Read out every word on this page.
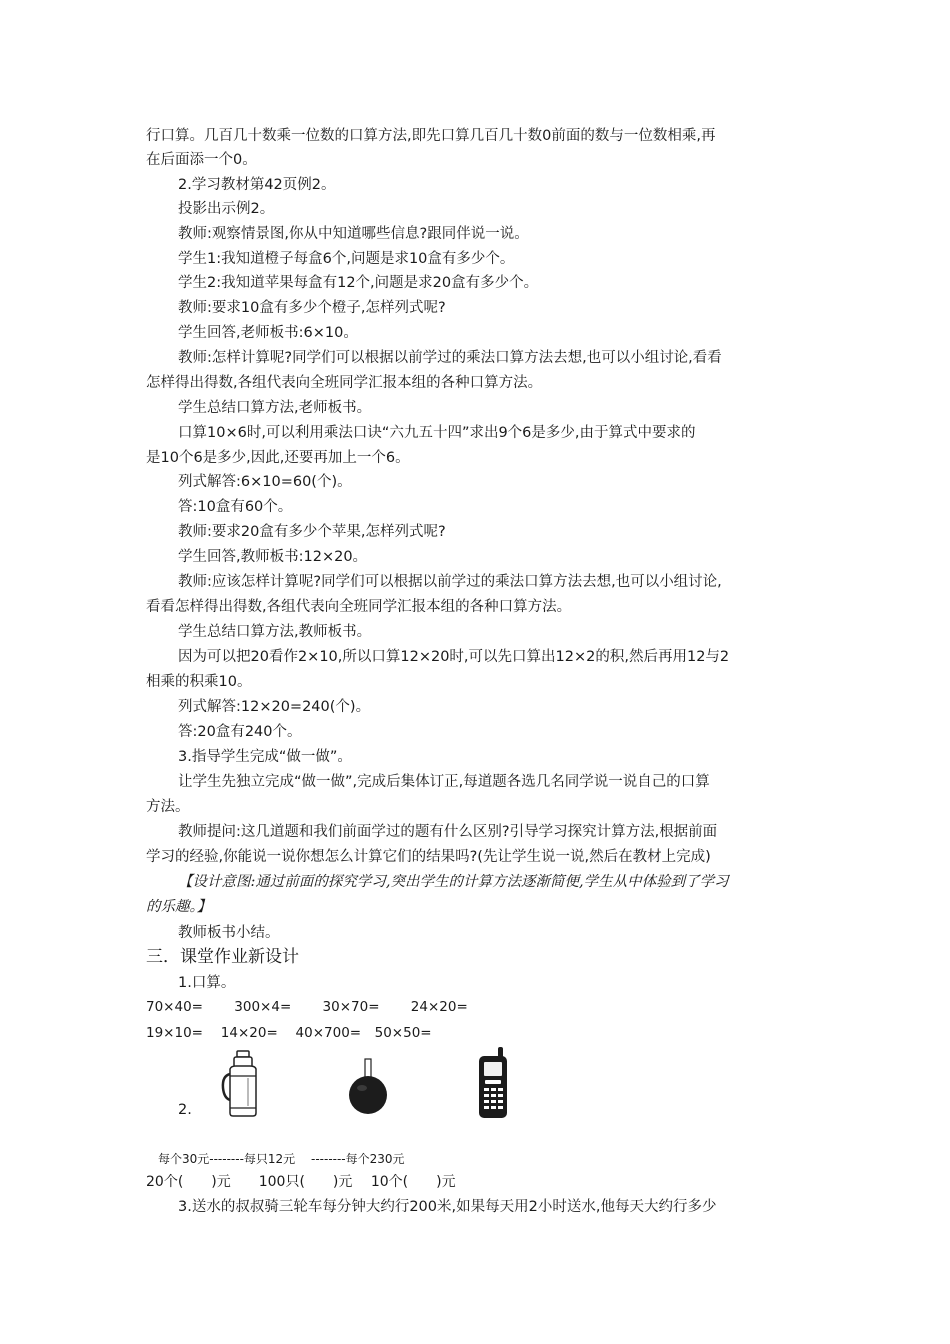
行口算。几百几十数乘一位数的口算方法,即先口算几百几十数0前面的数与一位数相乘,再
在后面添一个0。
2.学习教材第42页例2。
投影出示例2。
教师:观察情景图,你从中知道哪些信息?跟同伴说一说。
学生1:我知道橙子每盒6个,问题是求10盒有多少个。
学生2:我知道苹果每盒有12个,问题是求20盒有多少个。
教师:要求10盒有多少个橙子,怎样列式呢?
学生回答,老师板书:6×10。
教师:怎样计算呢?同学们可以根据以前学过的乘法口算方法去想,也可以小组讨论,看看
怎样得出得数,各组代表向全班同学汇报本组的各种口算方法。
学生总结口算方法,老师板书。
口算10×6时,可以利用乘法口诀“六九五十四”求出9个6是多少,由于算式中要求的
是10个6是多少,因此,还要再加上一个6。
列式解答:6×10=60(个)。
答:10盒有60个。
教师:要求20盒有多少个苹果,怎样列式呢?
学生回答,教师板书:12×20。
教师:应该怎样计算呢?同学们可以根据以前学过的乘法口算方法去想,也可以小组讨论,
看看怎样得出得数,各组代表向全班同学汇报本组的各种口算方法。
学生总结口算方法,教师板书。
因为可以把20看作2×10,所以口算12×20时,可以先口算出12×2的积,然后再用12与2
相乘的积乘10。
列式解答:12×20=240(个)。
答:20盒有240个。
3.指导学生完成“做一做”。
让学生先独立完成“做一做”,完成后集体订正,每道题各选几名同学说一说自己的口算
方法。
教师提问:这几道题和我们前面学过的题有什么区别?引导学习探究计算方法,根据前面
学习的经验,你能说一说你想怎么计算它们的结果吗?(先让学生说一说,然后在教材上完成)
【设计意图:通过前面的探究学习,突出学生的计算方法逐渐简便,学生从中体验到了学习
的乐趣。】
教师板书小结。
三．课堂作业新设计
1.口算。
70×40=　　 300×4=　　 30×70=　　 24×20=
19×10=　 14×20=　 40×700=　50×50=
2.
每个30元--------每只12元　 --------每个230元
20个(　　)元　　100只(　　)元　 10个(　　)元
3.送水的叔叔骑三轮车每分钟大约行200米,如果每天用2小时送水,他每天大约行多少
